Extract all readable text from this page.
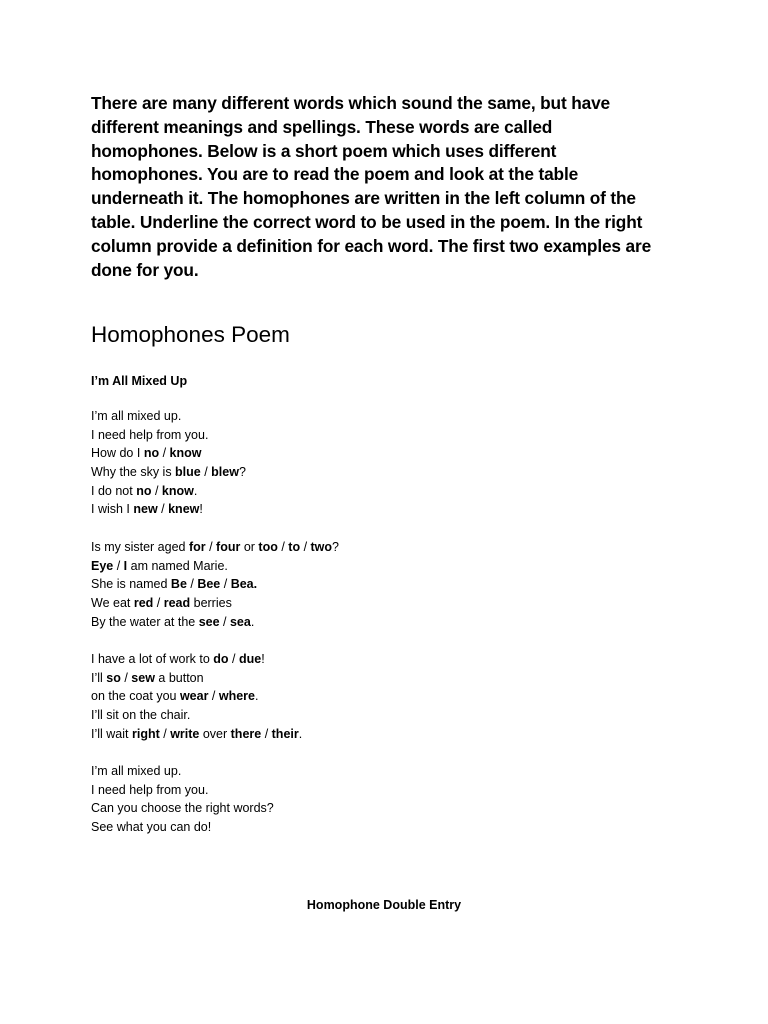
There are many different words which sound the same, but have
different meanings and spellings. These words are called
homophones. Below is a short poem which uses different
homophones. You are to read the poem and look at the table
underneath it. The homophones are written in the left column of the
table. Underline the correct word to be used in the poem. In the right
column provide a definition for each word. The first two examples are
done for you.

Homophones Poem
I’m All Mixed Up
I’m all mixed up.
I need help from you.
How do I no / know
Why the sky is blue / blew?
I do not no / know.
I wish I new / knew!
Is my sister aged for / four or too / to / two?
Eye / I am named Marie.
She is named Be / Bee / Bea.
We eat red / read berries
By the water at the see / sea.
I have a lot of work to do / due!
I’ll so / sew a button
on the coat you wear / where.
I’ll sit on the chair.
I’ll wait right / write over there / their.
I’m all mixed up.
I need help from you.
Can you choose the right words?
See what you can do!
Homophone Double Entry
